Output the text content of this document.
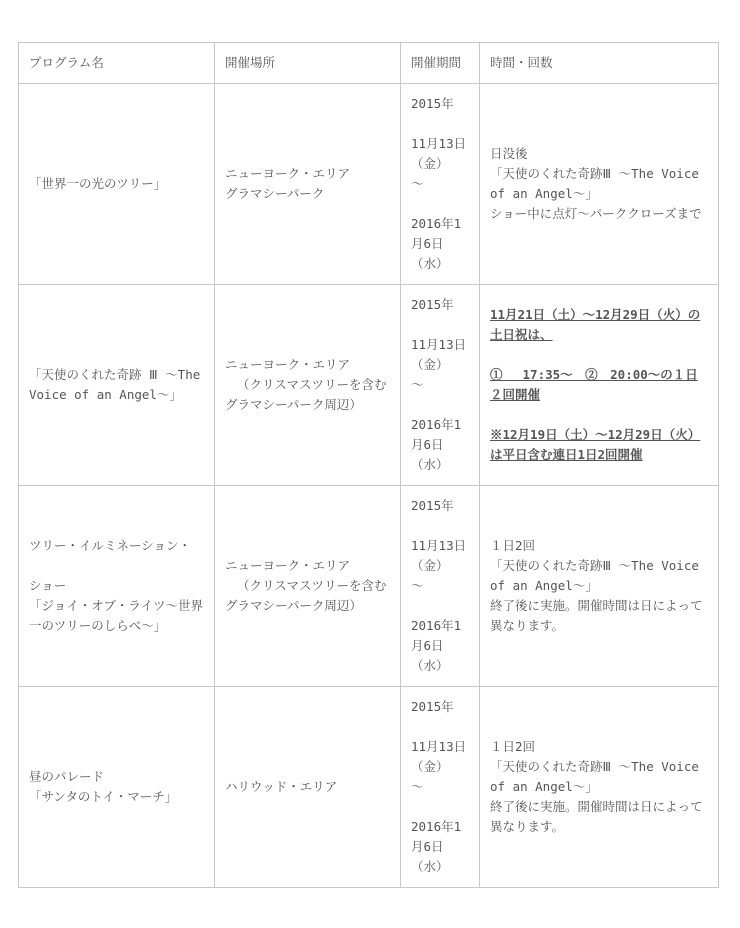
プログラム名	開催場所	開催期間	時間・回数

「世界一の光のツリー」	ニューヨーク・エリア
グラマシーパーク	2015年
11月13日（金）
〜
2016年1
月6日（水）	日没後
「天使のくれた奇跡Ⅲ 〜The Voice of an Angel〜」
ショー中に点灯〜パーククローズまで

「天使のくれた奇跡 Ⅲ 〜The Voice of an Angel〜」	ニューヨーク・エリア
（クリスマスツリーを含む
グラマシーパーク周辺）	2015年
11月13日（金）
〜
2016年1
月6日（水）	11月21日（土）〜12月29日（火）の土日祝は、
①　 17:35〜　②　20:00〜の１日２回開催
※12月19日（土）〜12月29日（火）は平日含む連日1日2回開催

ツリー・イルミネーション・
ショー
「ジョイ・オブ・ライツ〜世界一のツリーのしらべ〜」	ニューヨーク・エリア
（クリスマスツリーを含む
グラマシーパーク周辺）	2015年
11月13日（金）
〜
2016年1
月6日（水）	１日2回
「天使のくれた奇跡Ⅲ 〜The Voice of an Angel〜」
終了後に実施。開催時間は日によって異なります。

昼のパレード
「サンタのトイ・マーチ」	ハリウッド・エリア	2015年
11月13日（金）
〜
2016年1
月6日（水）	１日2回
「天使のくれた奇跡Ⅲ 〜The Voice of an Angel〜」
終了後に実施。開催時間は日によって異なります。
